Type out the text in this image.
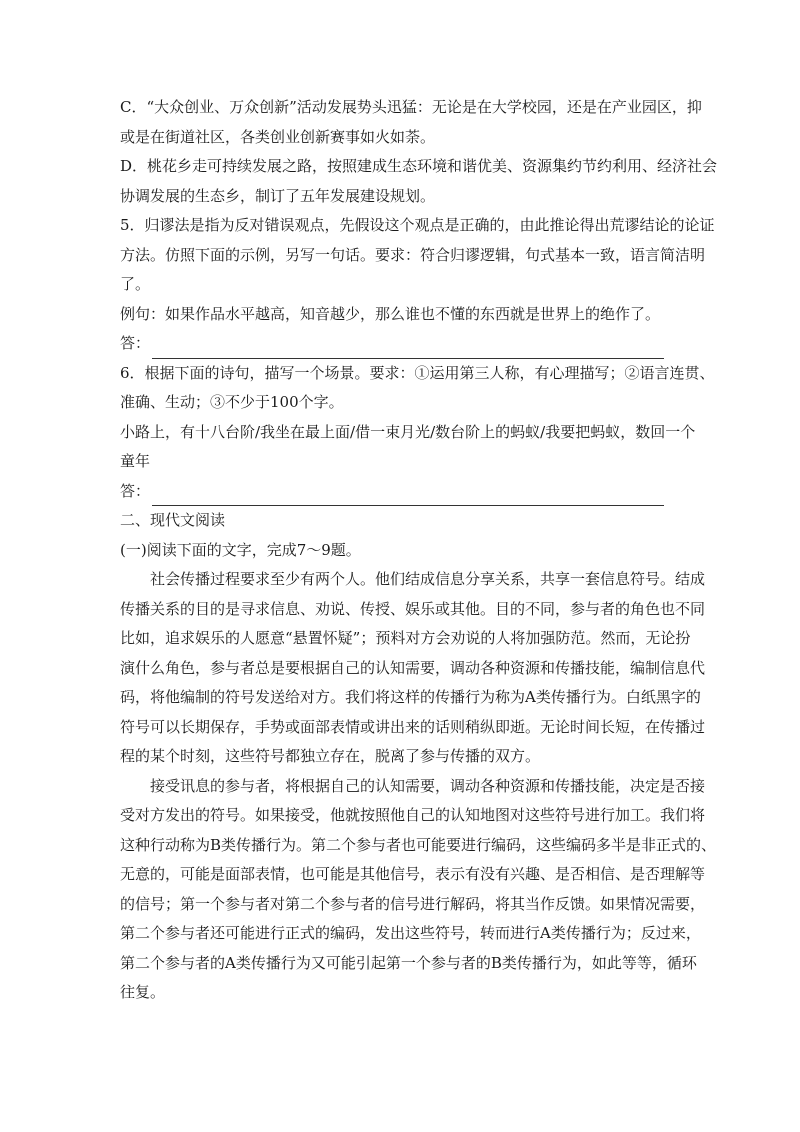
C．“大众创业、万众创新”活动发展势头迅猛：无论是在大学校园，还是在产业园区，抑
或是在街道社区，各类创业创新赛事如火如荼。
D．桃花乡走可持续发展之路，按照建成生态环境和谐优美、资源集约节约利用、经济社会
协调发展的生态乡，制订了五年发展建设规划。
5．归谬法是指为反对错误观点，先假设这个观点是正确的，由此推论得出荒谬结论的论证
方法。仿照下面的示例，另写一句话。要求：符合归谬逻辑，句式基本一致，语言简洁明
了。
例句：如果作品水平越高，知音越少，那么谁也不懂的东西就是世界上的绝作了。
答：
6．根据下面的诗句，描写一个场景。要求：①运用第三人称，有心理描写；②语言连贯、
准确、生动；③不少于100个字。
小路上，有十八台阶/我坐在最上面/借一束月光/数台阶上的蚂蚁/我要把蚂蚁，数回一个
童年
答：
二、现代文阅读
(一)阅读下面的文字，完成7～9题。
社会传播过程要求至少有两个人。他们结成信息分享关系，共享一套信息符号。结成
传播关系的目的是寻求信息、劝说、传授、娱乐或其他。目的不同，参与者的角色也不同
比如，追求娱乐的人愿意“悬置怀疑”；预料对方会劝说的人将加强防范。然而，无论扮
演什么角色，参与者总是要根据自己的认知需要，调动各种资源和传播技能，编制信息代
码，将他编制的符号发送给对方。我们将这样的传播行为称为A类传播行为。白纸黑字的
符号可以长期保存，手势或面部表情或讲出来的话则稍纵即逝。无论时间长短，在传播过
程的某个时刻，这些符号都独立存在，脱离了参与传播的双方。
接受讯息的参与者，将根据自己的认知需要，调动各种资源和传播技能，决定是否接
受对方发出的符号。如果接受，他就按照他自己的认知地图对这些符号进行加工。我们将
这种行动称为B类传播行为。第二个参与者也可能要进行编码，这些编码多半是非正式的、
无意的，可能是面部表情，也可能是其他信号，表示有没有兴趣、是否相信、是否理解等
的信号；第一个参与者对第二个参与者的信号进行解码，将其当作反馈。如果情况需要，
第二个参与者还可能进行正式的编码，发出这些符号，转而进行A类传播行为；反过来，
第二个参与者的A类传播行为又可能引起第一个参与者的B类传播行为，如此等等，循环
往复。
